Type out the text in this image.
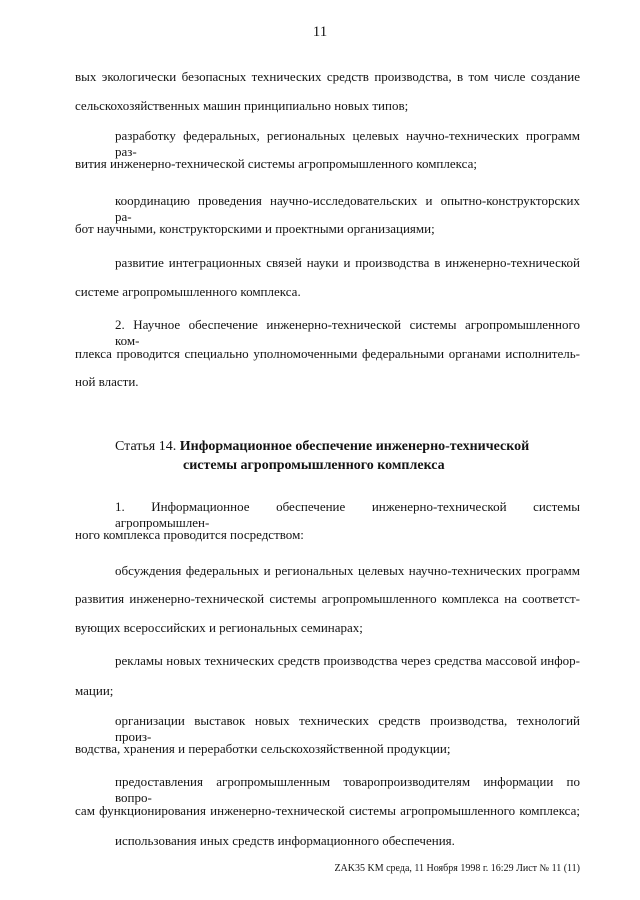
11
вых экологически безопасных технических средств производства, в том числе создание
сельскохозяйственных машин принципиально новых типов;
разработку федеральных, региональных целевых научно-технических программ раз-
вития инженерно-технической системы агропромышленного комплекса;
координацию проведения научно-исследовательских и опытно-конструкторских ра-
бот научными, конструкторскими и проектными организациями;
развитие интеграционных связей науки и производства в инженерно-технической
системе агропромышленного комплекса.
2. Научное обеспечение инженерно-технической системы агропромышленного ком-
плекса проводится специально уполномоченными федеральными органами исполнитель-
ной власти.
Статья 14. Информационное обеспечение инженерно-технической
системы агропромышленного комплекса
1. Информационное обеспечение инженерно-технической системы агропромышлен-
ного комплекса проводится посредством:
обсуждения федеральных и региональных целевых научно-технических программ
развития инженерно-технической системы агропромышленного комплекса на соответст-
вующих всероссийских и региональных семинарах;
рекламы новых технических средств производства через средства массовой инфор-
мации;
организации выставок новых технических средств производства, технологий произ-
водства, хранения и переработки сельскохозяйственной продукции;
предоставления агропромышленным товаропроизводителям информации по вопро-
сам функционирования инженерно-технической системы агропромышленного комплекса;
использования иных средств информационного обеспечения.
ZAK35 KM среда, 11 Ноября 1998 г. 16:29 Лист № 11 (11)
